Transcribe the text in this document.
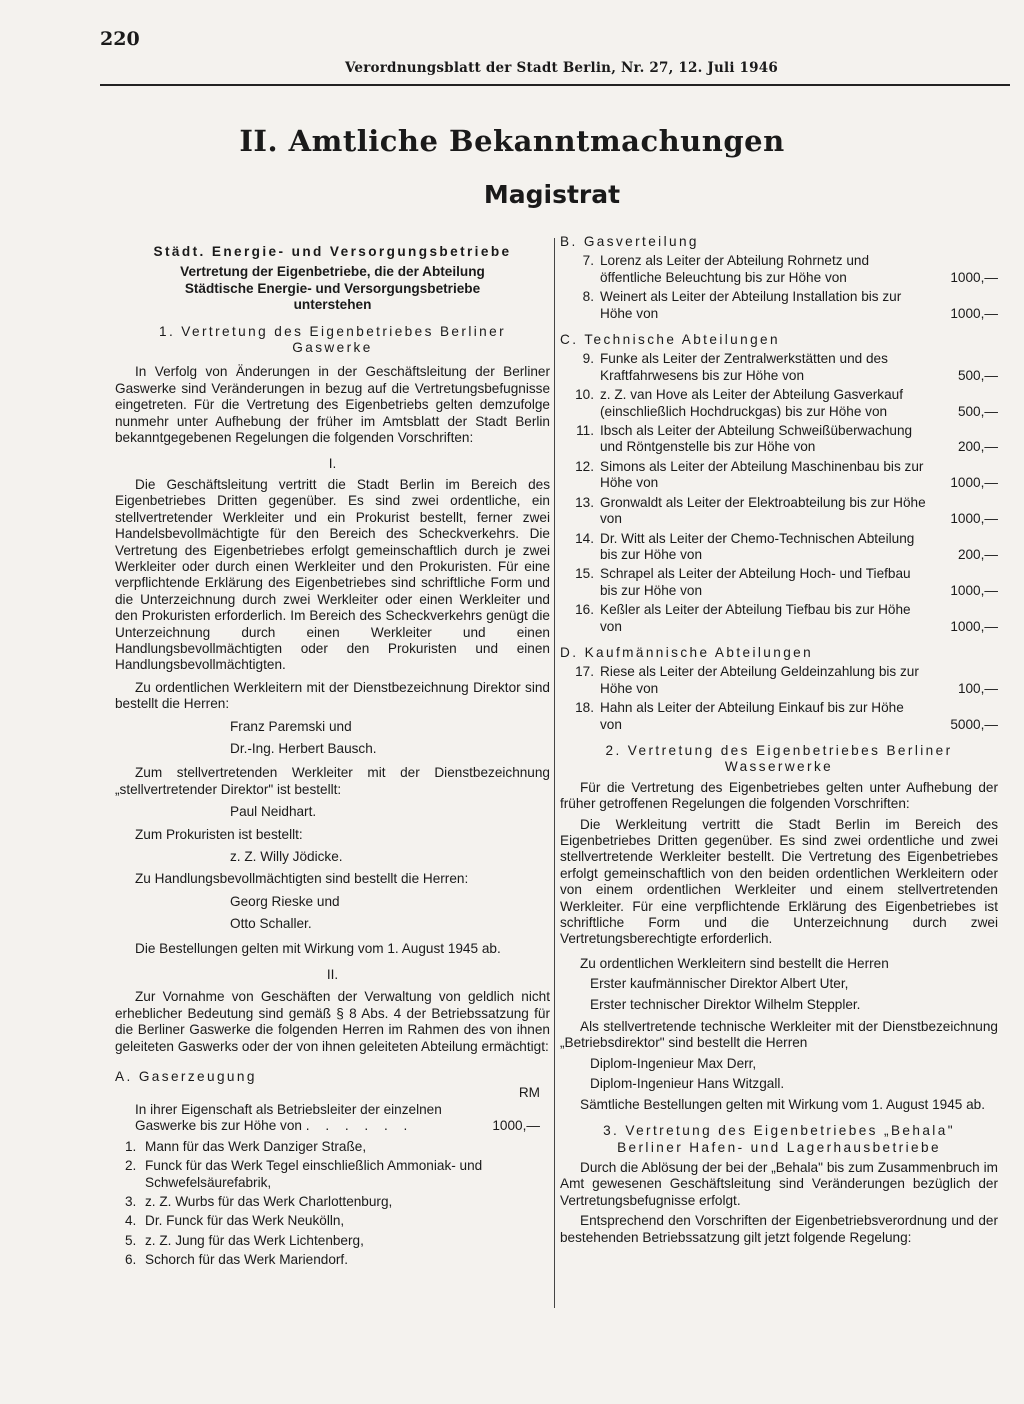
220
Verordnungsblatt der Stadt Berlin, Nr. 27, 12. Juli 1946
II. Amtliche Bekanntmachungen
Magistrat
Städt. Energie- und Versorgungsbetriebe
Vertretung der Eigenbetriebe, die der Abteilung Städtische Energie- und Versorgungsbetriebe unterstehen
1. Vertretung des Eigenbetriebes Berliner Gaswerke
In Verfolg von Änderungen in der Geschäftsleitung der Berliner Gaswerke sind Veränderungen in bezug auf die Vertretungsbefugnisse eingetreten. Für die Vertretung des Eigenbetriebs gelten demzufolge nunmehr unter Aufhebung der früher im Amtsblatt der Stadt Berlin bekanntgegebenen Regelungen die folgenden Vorschriften:
I.
Die Geschäftsleitung vertritt die Stadt Berlin im Bereich des Eigenbetriebes Dritten gegenüber. Es sind zwei ordentliche, ein stellvertretender Werkleiter und ein Prokurist bestellt, ferner zwei Handelsbevollmächtigte für den Bereich des Scheckverkehrs. Die Vertretung des Eigenbetriebes erfolgt gemeinschaftlich durch je zwei Werkleiter oder durch einen Werkleiter und den Prokuristen. Für eine verpflichtende Erklärung des Eigenbetriebes sind schriftliche Form und die Unterzeichnung durch zwei Werkleiter oder einen Werkleiter und den Prokuristen erforderlich. Im Bereich des Scheckverkehrs genügt die Unterzeichnung durch einen Werkleiter und einen Handlungsbevollmächtigten oder den Prokuristen und einen Handlungsbevollmächtigten.
Zu ordentlichen Werkleitern mit der Dienstbezeichnung Direktor sind bestellt die Herren:
Franz Paremski und
Dr.-Ing. Herbert Bausch.
Zum stellvertretenden Werkleiter mit der Dienstbezeichnung „stellvertretender Direktor" ist bestellt:
Paul Neidhart.
Zum Prokuristen ist bestellt:
z. Z. Willy Jödicke.
Zu Handlungsbevollmächtigten sind bestellt die Herren:
Georg Rieske und
Otto Schaller.
Die Bestellungen gelten mit Wirkung vom 1. August 1945 ab.
II.
Zur Vornahme von Geschäften der Verwaltung von geldlich nicht erheblicher Bedeutung sind gemäß § 8 Abs. 4 der Betriebssatzung für die Berliner Gaswerke die folgenden Herren im Rahmen des von ihnen geleiteten Gaswerks oder der von ihnen geleiteten Abteilung ermächtigt:
A. Gaserzeugung
RM
In ihrer Eigenschaft als Betriebsleiter der einzelnen Gaswerke bis zur Höhe von . . . . . .	1000,—
1. Mann für das Werk Danziger Straße,
2. Funck für das Werk Tegel einschließlich Ammoniak- und Schwefelsäurefabrik,
3. z. Z. Wurbs für das Werk Charlottenburg,
4. Dr. Funck für das Werk Neukölln,
5. z. Z. Jung für das Werk Lichtenberg,
6. Schorch für das Werk Mariendorf.
B. Gasverteilung
7. Lorenz als Leiter der Abteilung Rohrnetz und öffentliche Beleuchtung bis zur Höhe von	1000,—
8. Weinert als Leiter der Abteilung Installation bis zur Höhe von	1000,—
C. Technische Abteilungen
9. Funke als Leiter der Zentralwerkstätten und des Kraftfahrwesens bis zur Höhe von	500,—
10. z. Z. van Hove als Leiter der Abteilung Gasverkauf (einschließlich Hochdruckgas) bis zur Höhe von	500,—
11. Ibsch als Leiter der Abteilung Schweißüberwachung und Röntgenstelle bis zur Höhe von	200,—
12. Simons als Leiter der Abteilung Maschinenbau bis zur Höhe von	1000,—
13. Gronwaldt als Leiter der Elektroabteilung bis zur Höhe von	1000,—
14. Dr. Witt als Leiter der Chemo-Technischen Abteilung bis zur Höhe von	200,—
15. Schrapel als Leiter der Abteilung Hoch- und Tiefbau bis zur Höhe von	1000,—
16. Keßler als Leiter der Abteilung Tiefbau bis zur Höhe von	1000,—
D. Kaufmännische Abteilungen
17. Riese als Leiter der Abteilung Geldeinzahlung bis zur Höhe von	100,—
18. Hahn als Leiter der Abteilung Einkauf bis zur Höhe von	5000,—
2. Vertretung des Eigenbetriebes Berliner Wasserwerke
Für die Vertretung des Eigenbetriebes gelten unter Aufhebung der früher getroffenen Regelungen die folgenden Vorschriften:
Die Werkleitung vertritt die Stadt Berlin im Bereich des Eigenbetriebes Dritten gegenüber. Es sind zwei ordentliche und zwei stellvertretende Werkleiter bestellt. Die Vertretung des Eigenbetriebes erfolgt gemeinschaftlich von den beiden ordentlichen Werkleitern oder von einem ordentlichen Werkleiter und einem stellvertretenden Werkleiter. Für eine verpflichtende Erklärung des Eigenbetriebes ist schriftliche Form und die Unterzeichnung durch zwei Vertretungsberechtigte erforderlich.
Zu ordentlichen Werkleitern sind bestellt die Herren
Erster kaufmännischer Direktor Albert Uter,
Erster technischer Direktor Wilhelm Steppler.
Als stellvertretende technische Werkleiter mit der Dienstbezeichnung „Betriebsdirektor" sind bestellt die Herren
Diplom-Ingenieur Max Derr,
Diplom-Ingenieur Hans Witzgall.
Sämtliche Bestellungen gelten mit Wirkung vom 1. August 1945 ab.
3. Vertretung des Eigenbetriebes „Behala"
Berliner Hafen- und Lagerhausbetriebe
Durch die Ablösung der bei der „Behala" bis zum Zusammenbruch im Amt gewesenen Geschäftsleitung sind Veränderungen bezüglich der Vertretungsbefugnisse erfolgt.
Entsprechend den Vorschriften der Eigenbetriebsverordnung und der bestehenden Betriebssatzung gilt jetzt folgende Regelung:
